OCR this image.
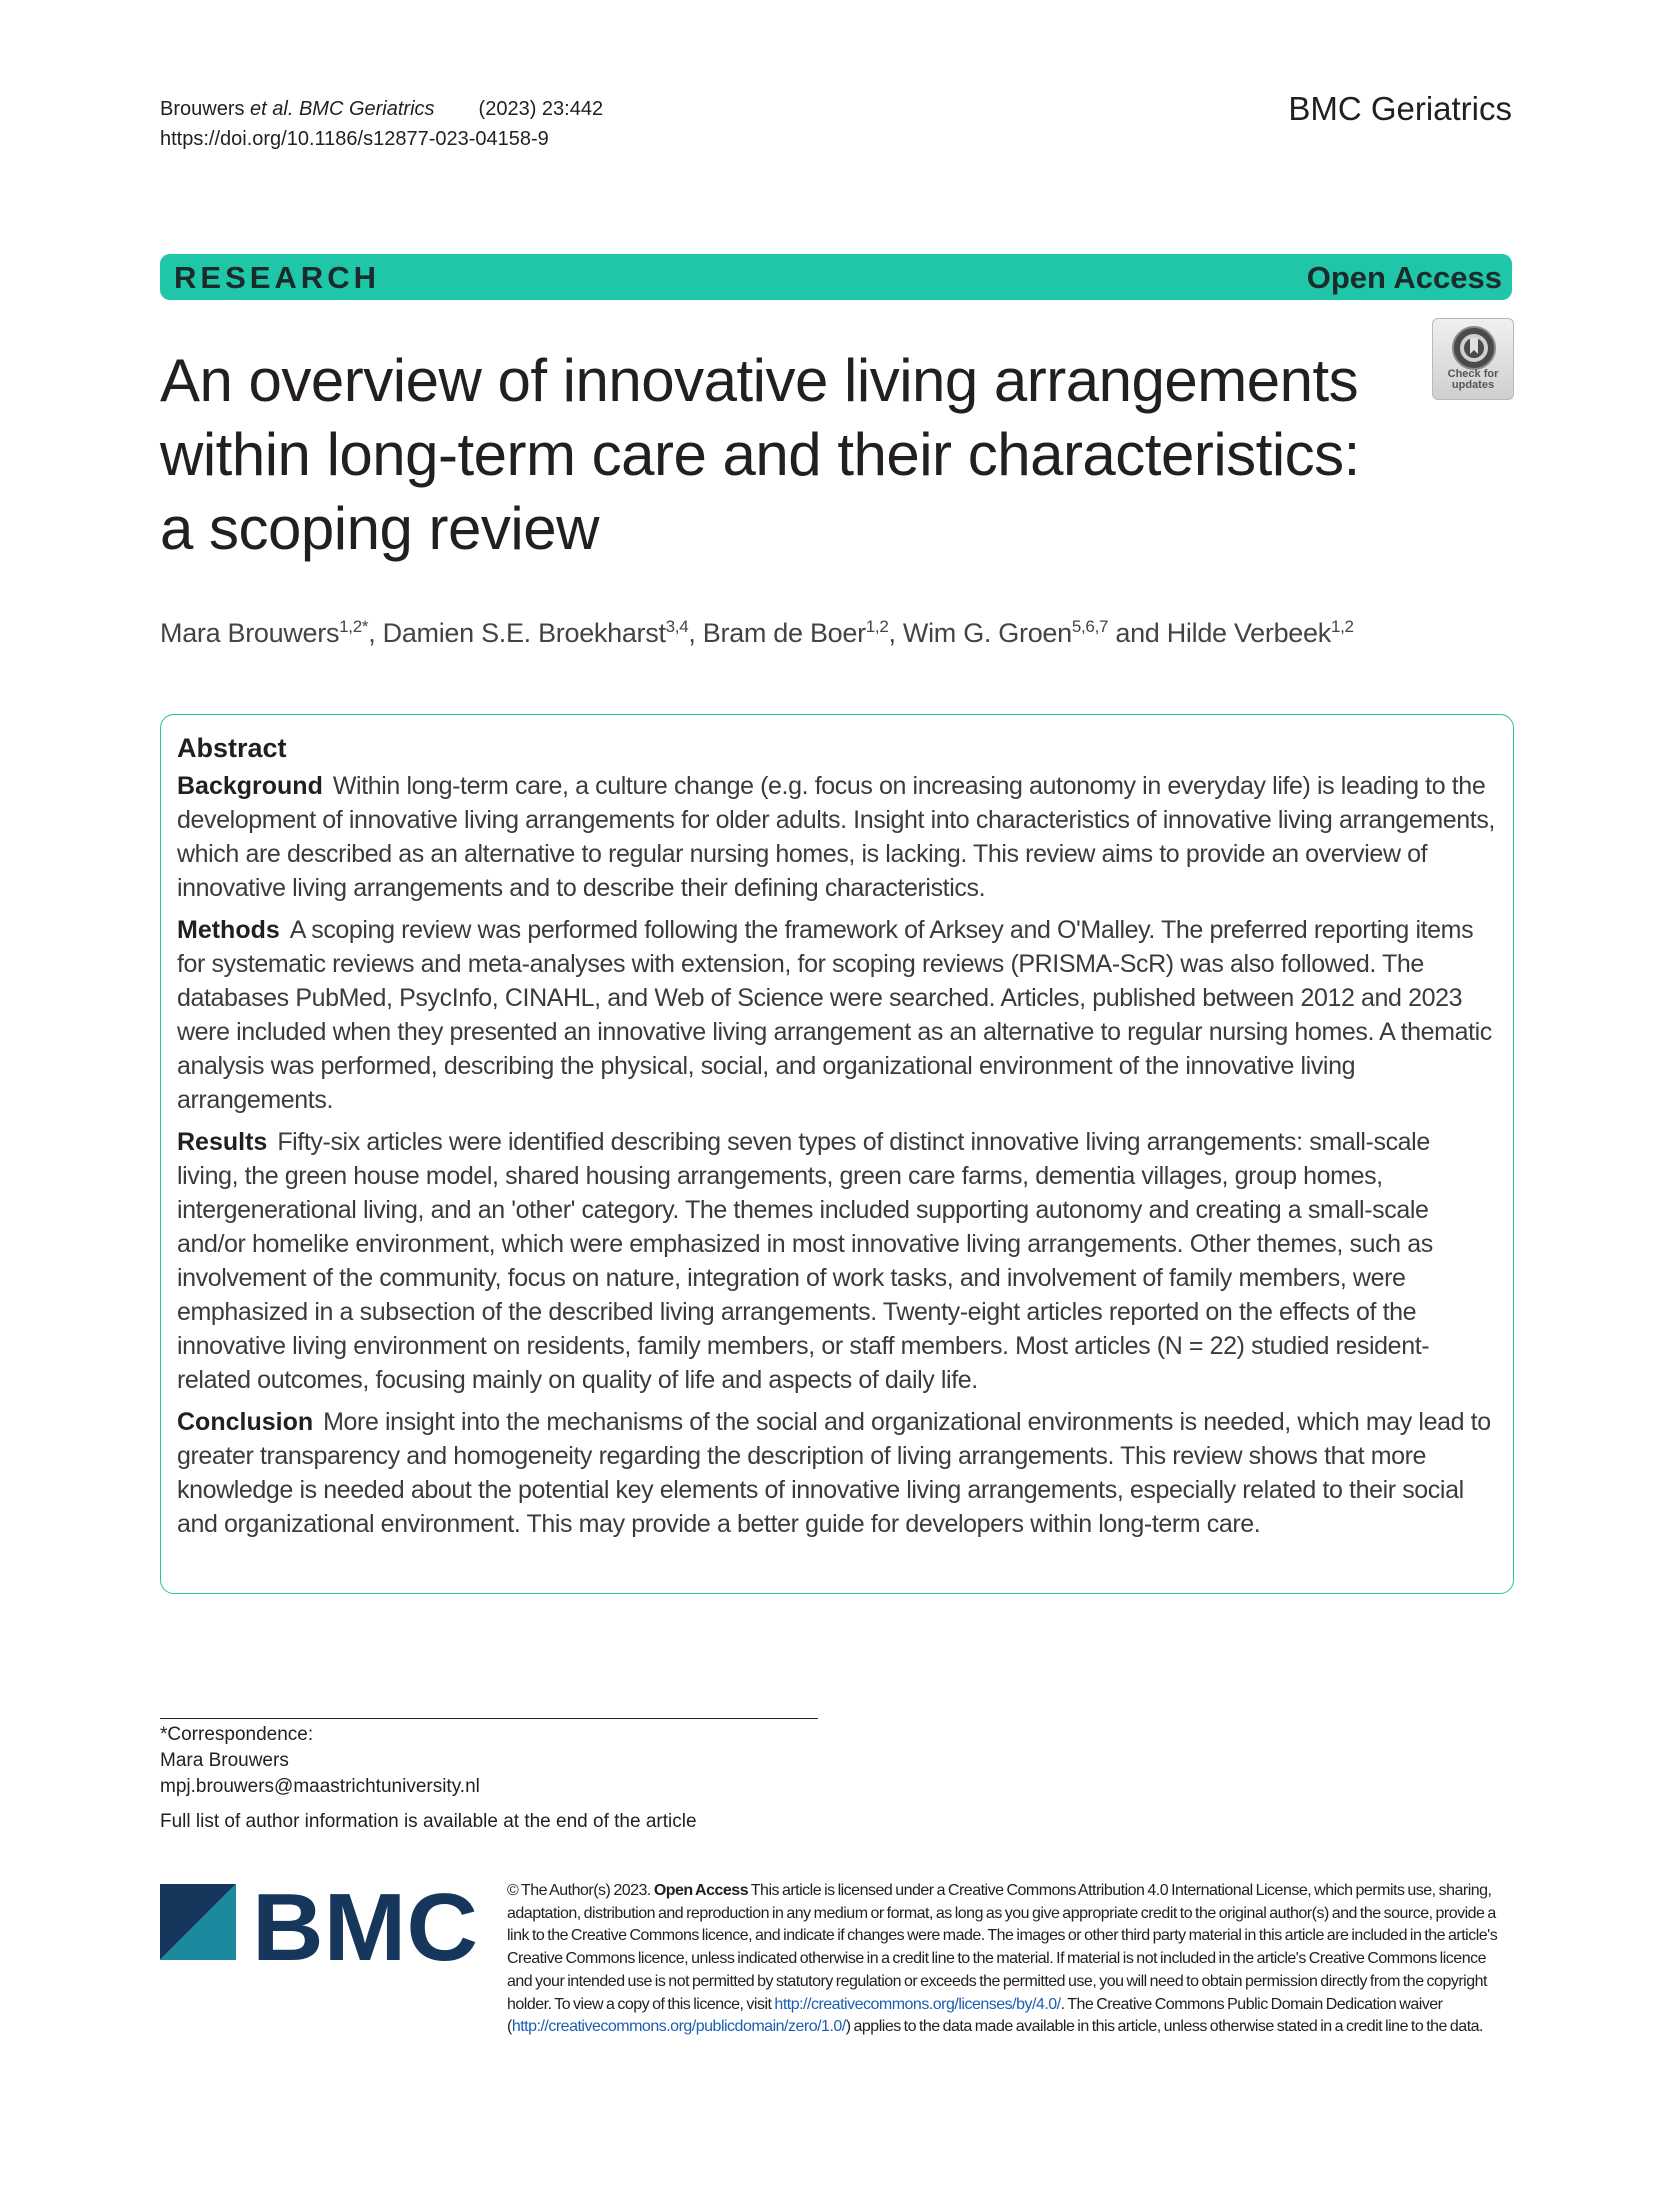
Brouwers et al. BMC Geriatrics (2023) 23:442
https://doi.org/10.1186/s12877-023-04158-9
BMC Geriatrics
RESEARCH	Open Access
Check for
updates
An overview of innovative living arrangements within long-term care and their characteristics: a scoping review
Mara Brouwers$^{1,2*}$, Damien S.E. Broekharst$^{3,4}$, Bram de Boer$^{1,2}$, Wim G. Groen$^{5,6,7}$ and Hilde Verbeek$^{1,2}$
Abstract

Background Within long-term care, a culture change (e.g. focus on increasing autonomy in everyday life) is leading to the development of innovative living arrangements for older adults. Insight into characteristics of innovative living arrangements, which are described as an alternative to regular nursing homes, is lacking. This review aims to provide an overview of innovative living arrangements and to describe their defining characteristics.

Methods A scoping review was performed following the framework of Arksey and O'Malley. The preferred reporting items for systematic reviews and meta-analyses with extension, for scoping reviews (PRISMA-ScR) was also followed. The databases PubMed, PsycInfo, CINAHL, and Web of Science were searched. Articles, published between 2012 and 2023 were included when they presented an innovative living arrangement as an alternative to regular nursing homes. A thematic analysis was performed, describing the physical, social, and organizational environment of the innovative living arrangements.

Results Fifty-six articles were identified describing seven types of distinct innovative living arrangements: small-scale living, the green house model, shared housing arrangements, green care farms, dementia villages, group homes, intergenerational living, and an 'other' category. The themes included supporting autonomy and creating a small-scale and/or homelike environment, which were emphasized in most innovative living arrangements. Other themes, such as involvement of the community, focus on nature, integration of work tasks, and involvement of family members, were emphasized in a subsection of the described living arrangements. Twenty-eight articles reported on the effects of the innovative living environment on residents, family members, or staff members. Most articles (N = 22) studied resident-related outcomes, focusing mainly on quality of life and aspects of daily life.

Conclusion More insight into the mechanisms of the social and organizational environments is needed, which may lead to greater transparency and homogeneity regarding the description of living arrangements. This review shows that more knowledge is needed about the potential key elements of innovative living arrangements, especially related to their social and organizational environment. This may provide a better guide for developers within long-term care.

*Correspondence:
Mara Brouwers
mpj.brouwers@maastrichtuniversity.nl
Full list of author information is available at the end of the article
BMC © The Author(s) 2023. Open Access This article is licensed under a Creative Commons Attribution 4.0 International License, which permits use, sharing, adaptation, distribution and reproduction in any medium or format, as long as you give appropriate credit to the original author(s) and the source, provide a link to the Creative Commons licence, and indicate if changes were made. The images or other third party material in this article are included in the article's Creative Commons licence, unless indicated otherwise in a credit line to the material. If material is not included in the article's Creative Commons licence and your intended use is not permitted by statutory regulation or exceeds the permitted use, you will need to obtain permission directly from the copyright holder. To view a copy of this licence, visit http://creativecommons.org/licenses/by/4.0/. The Creative Commons Public Domain Dedication waiver (http://creativecommons.org/publicdomain/zero/1.0/) applies to the data made available in this article, unless otherwise stated in a credit line to the data.
